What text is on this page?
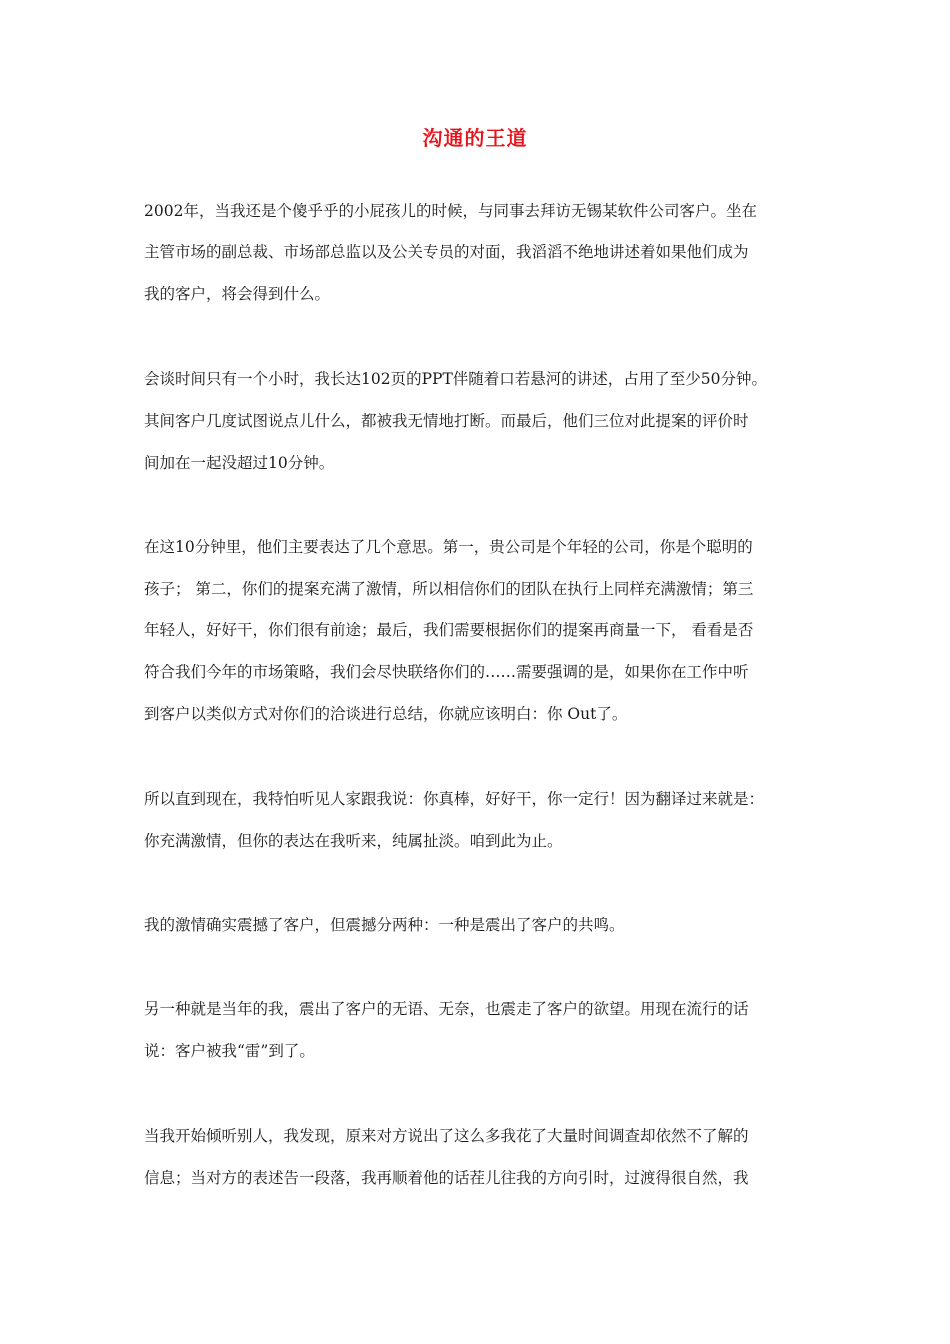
沟通的王道
2002年，当我还是个傻乎乎的小屁孩儿的时候，与同事去拜访无锡某软件公司客户。坐在
主管市场的副总裁、市场部总监以及公关专员的对面，我滔滔不绝地讲述着如果他们成为
我的客户，将会得到什么。
会谈时间只有一个小时，我长达102页的PPT伴随着口若悬河的讲述，占用了至少50分钟。
其间客户几度试图说点儿什么，都被我无情地打断。而最后，他们三位对此提案的评价时
间加在一起没超过10分钟。
在这10分钟里，他们主要表达了几个意思。第一，贵公司是个年轻的公司，你是个聪明的
孩子； 第二，你们的提案充满了激情，所以相信你们的团队在执行上同样充满激情；第三
年轻人，好好干，你们很有前途；最后，我们需要根据你们的提案再商量一下， 看看是否
符合我们今年的市场策略，我们会尽快联络你们的……需要强调的是，如果你在工作中听
到客户以类似方式对你们的洽谈进行总结，你就应该明白：你 Out了。
所以直到现在，我特怕听见人家跟我说：你真棒，好好干，你一定行！因为翻译过来就是：
你充满激情，但你的表达在我听来，纯属扯淡。咱到此为止。
我的激情确实震撼了客户，但震撼分两种：一种是震出了客户的共鸣。
另一种就是当年的我，震出了客户的无语、无奈，也震走了客户的欲望。用现在流行的话
说：客户被我“雷”到了。
当我开始倾听别人，我发现，原来对方说出了这么多我花了大量时间调查却依然不了解的
信息；当对方的表述告一段落，我再顺着他的话茬儿往我的方向引时，过渡得很自然，我
